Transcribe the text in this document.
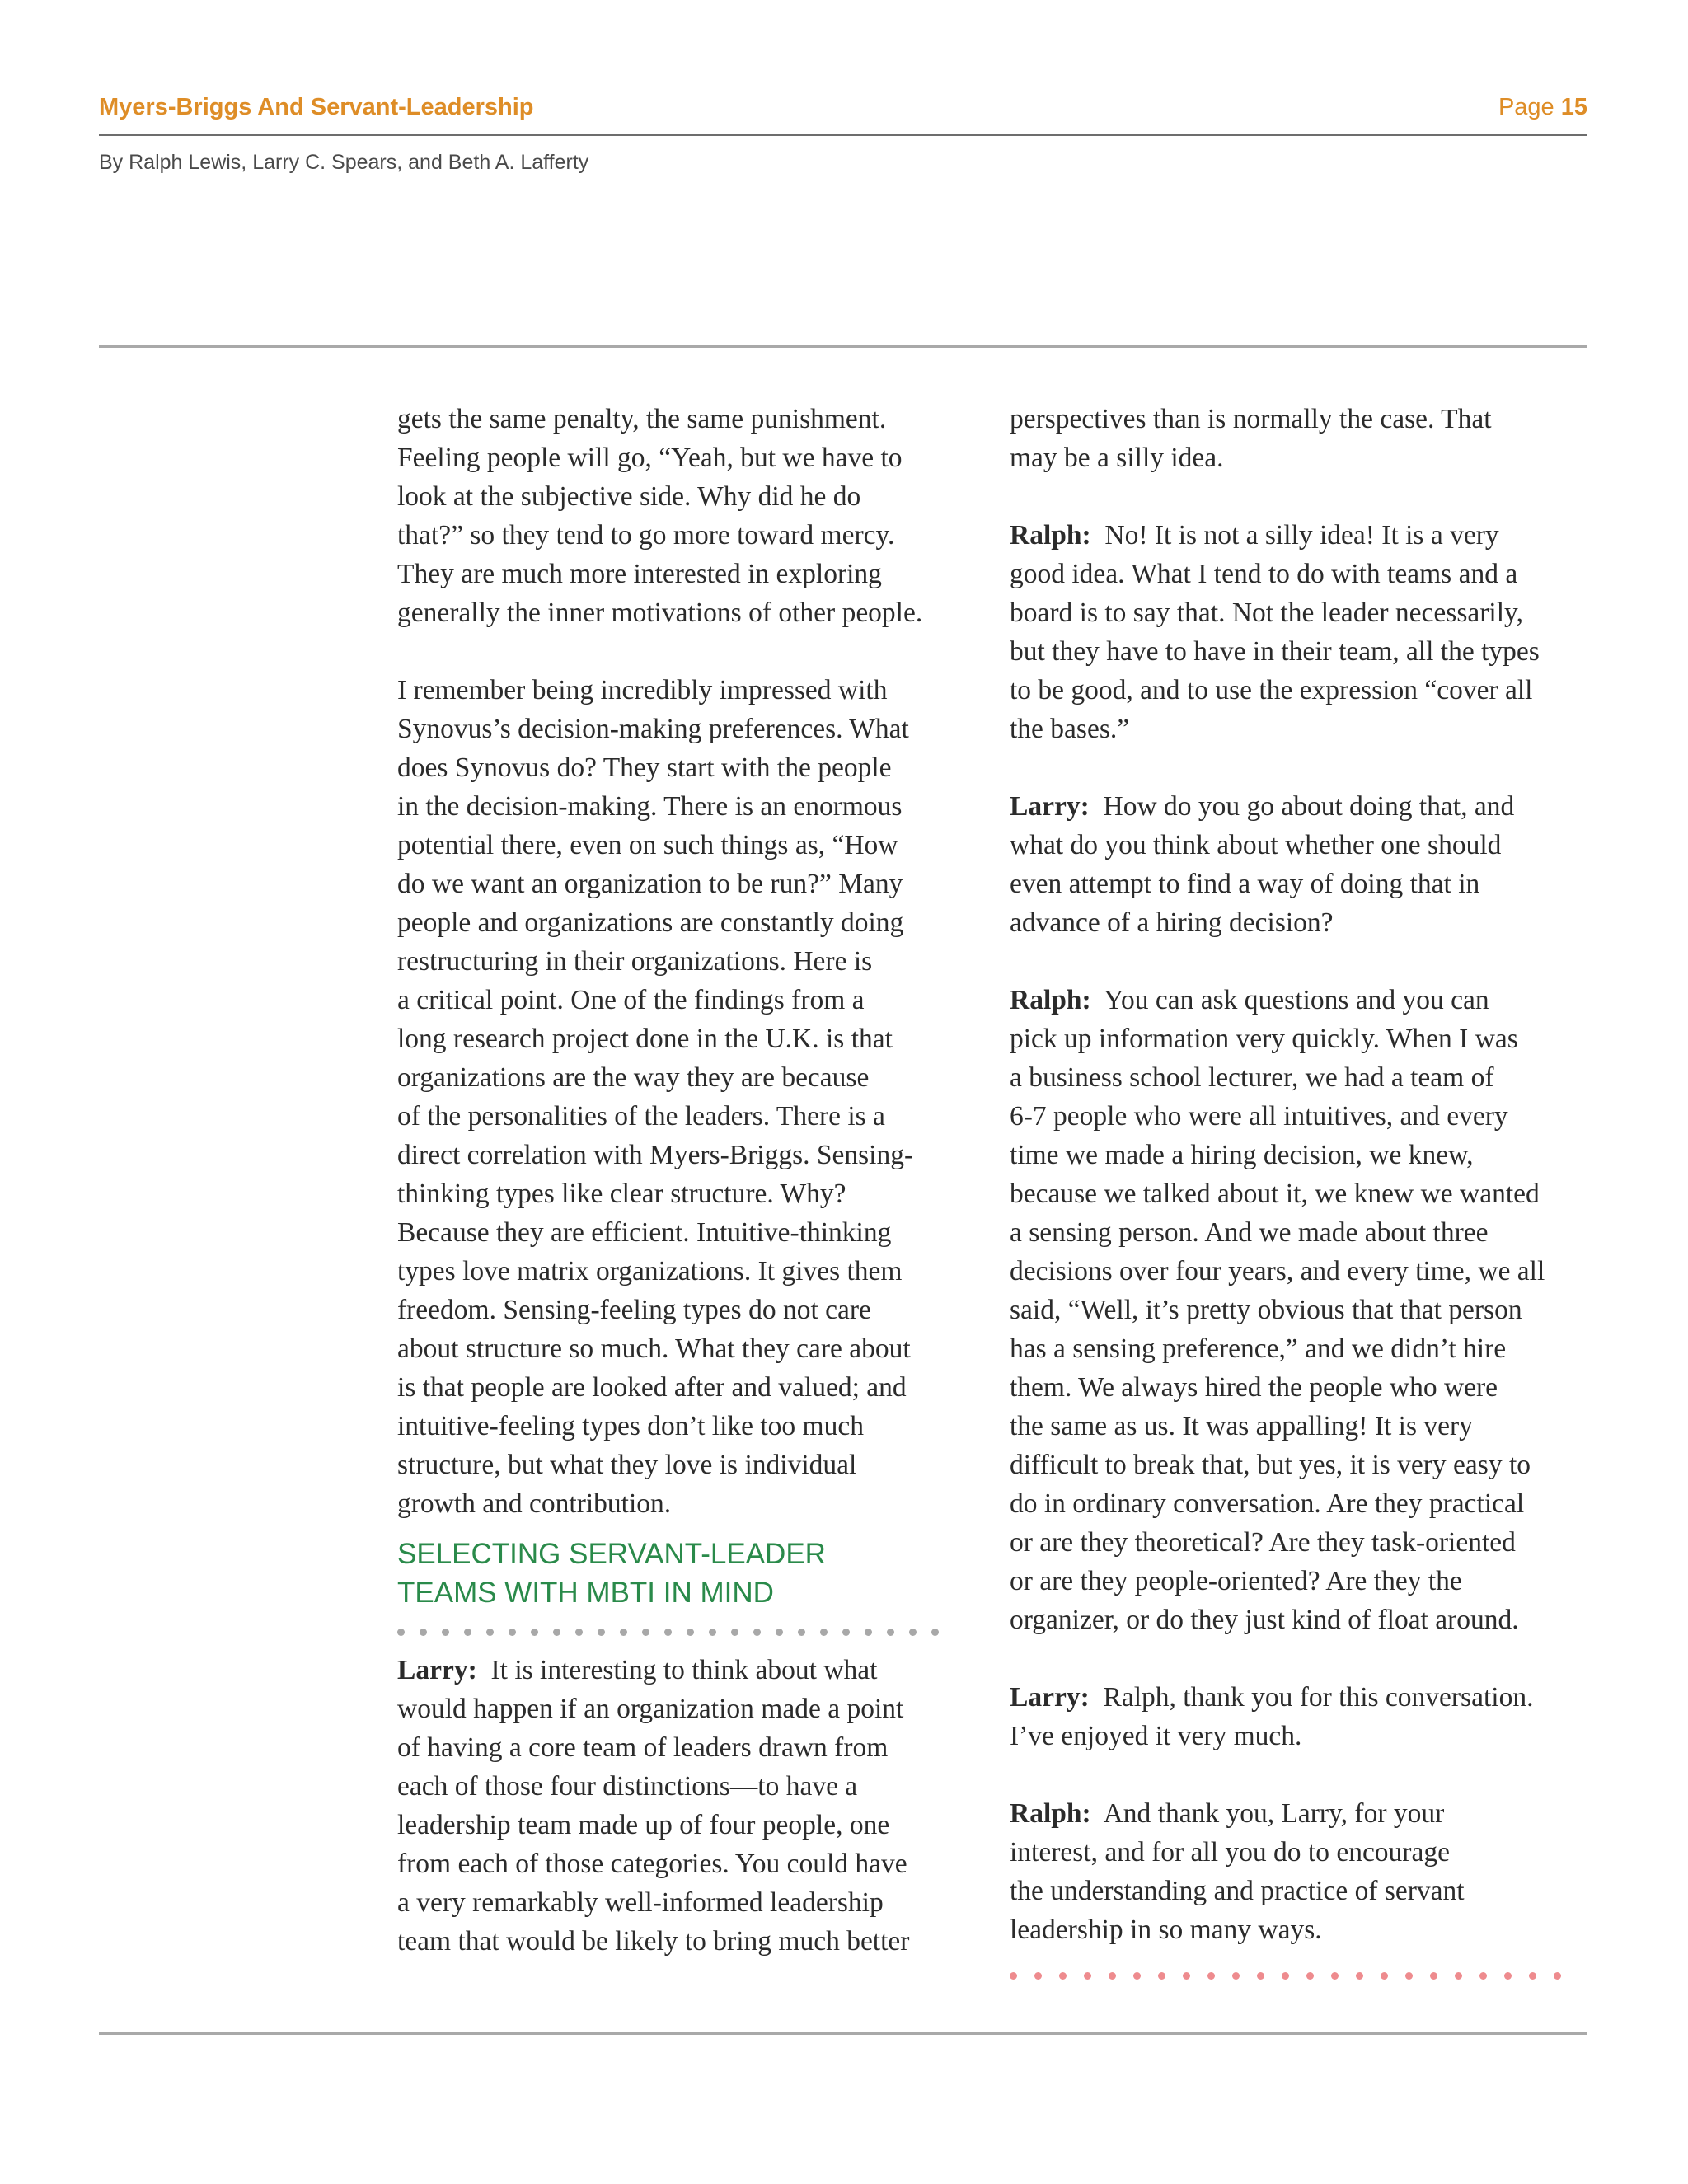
Myers-Briggs And Servant-Leadership	Page 15
By Ralph Lewis, Larry C. Spears, and Beth A. Lafferty
gets the same penalty, the same punishment.
Feeling people will go, “Yeah, but we have to
look at the subjective side. Why did he do
that?” so they tend to go more toward mercy.
They are much more interested in exploring
generally the inner motivations of other people.
I remember being incredibly impressed with
Synovus’s decision-making preferences. What
does Synovus do? They start with the people
in the decision-making. There is an enormous
potential there, even on such things as, “How
do we want an organization to be run?” Many
people and organizations are constantly doing
restructuring in their organizations. Here is
a critical point. One of the findings from a
long research project done in the U.K. is that
organizations are the way they are because
of the personalities of the leaders. There is a
direct correlation with Myers-Briggs. Sensing-
thinking types like clear structure. Why?
Because they are efficient. Intuitive-thinking
types love matrix organizations. It gives them
freedom. Sensing-feeling types do not care
about structure so much. What they care about
is that people are looked after and valued; and
intuitive-feeling types don’t like too much
structure, but what they love is individual
growth and contribution.
SELECTING SERVANT-LEADER
TEAMS WITH MBTI IN MIND
Larry: It is interesting to think about what
would happen if an organization made a point
of having a core team of leaders drawn from
each of those four distinctions—to have a
leadership team made up of four people, one
from each of those categories. You could have
a very remarkably well-informed leadership
team that would be likely to bring much better
perspectives than is normally the case. That
may be a silly idea.
Ralph: No! It is not a silly idea! It is a very
good idea. What I tend to do with teams and a
board is to say that. Not the leader necessarily,
but they have to have in their team, all the types
to be good, and to use the expression “cover all
the bases.”
Larry: How do you go about doing that, and
what do you think about whether one should
even attempt to find a way of doing that in
advance of a hiring decision?
Ralph: You can ask questions and you can
pick up information very quickly. When I was
a business school lecturer, we had a team of
6-7 people who were all intuitives, and every
time we made a hiring decision, we knew,
because we talked about it, we knew we wanted
a sensing person. And we made about three
decisions over four years, and every time, we all
said, “Well, it’s pretty obvious that that person
has a sensing preference,” and we didn’t hire
them. We always hired the people who were
the same as us. It was appalling! It is very
difficult to break that, but yes, it is very easy to
do in ordinary conversation. Are they practical
or are they theoretical? Are they task-oriented
or are they people-oriented? Are they the
organizer, or do they just kind of float around.
Larry: Ralph, thank you for this conversation.
I’ve enjoyed it very much.
Ralph: And thank you, Larry, for your
interest, and for all you do to encourage
the understanding and practice of servant
leadership in so many ways.
